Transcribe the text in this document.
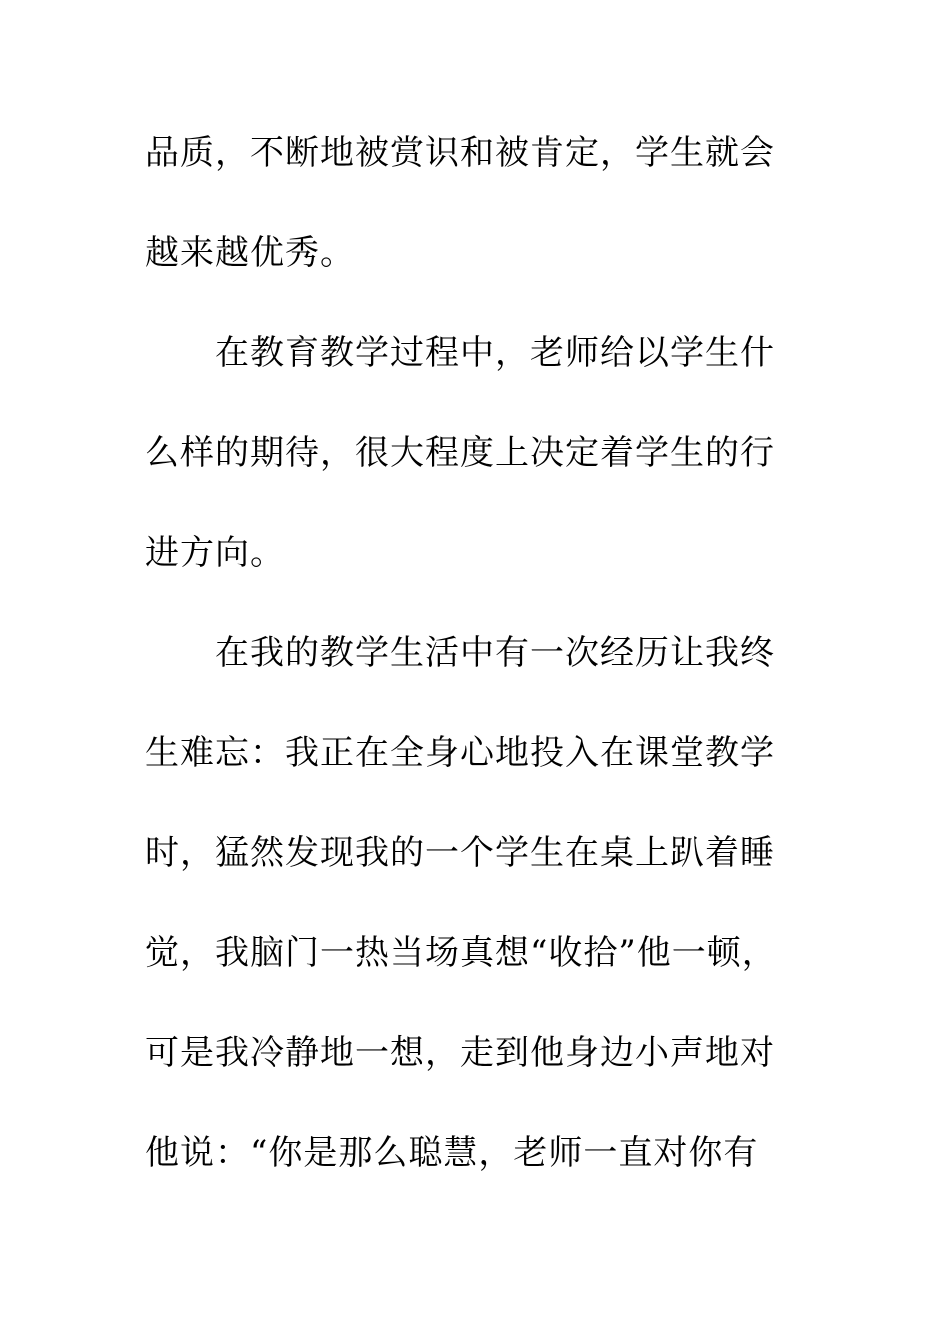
品质，不断地被赏识和被肯定，学生就会
越来越优秀。
在教育教学过程中，老师给以学生什
么样的期待，很大程度上决定着学生的行
进方向。
在我的教学生活中有一次经历让我终
生难忘：我正在全身心地投入在课堂教学
时，猛然发现我的一个学生在桌上趴着睡
觉，我脑门一热当场真想“收拾”他一顿，
可是我冷静地一想，走到他身边小声地对
他说：“你是那么聪慧，老师一直对你有
